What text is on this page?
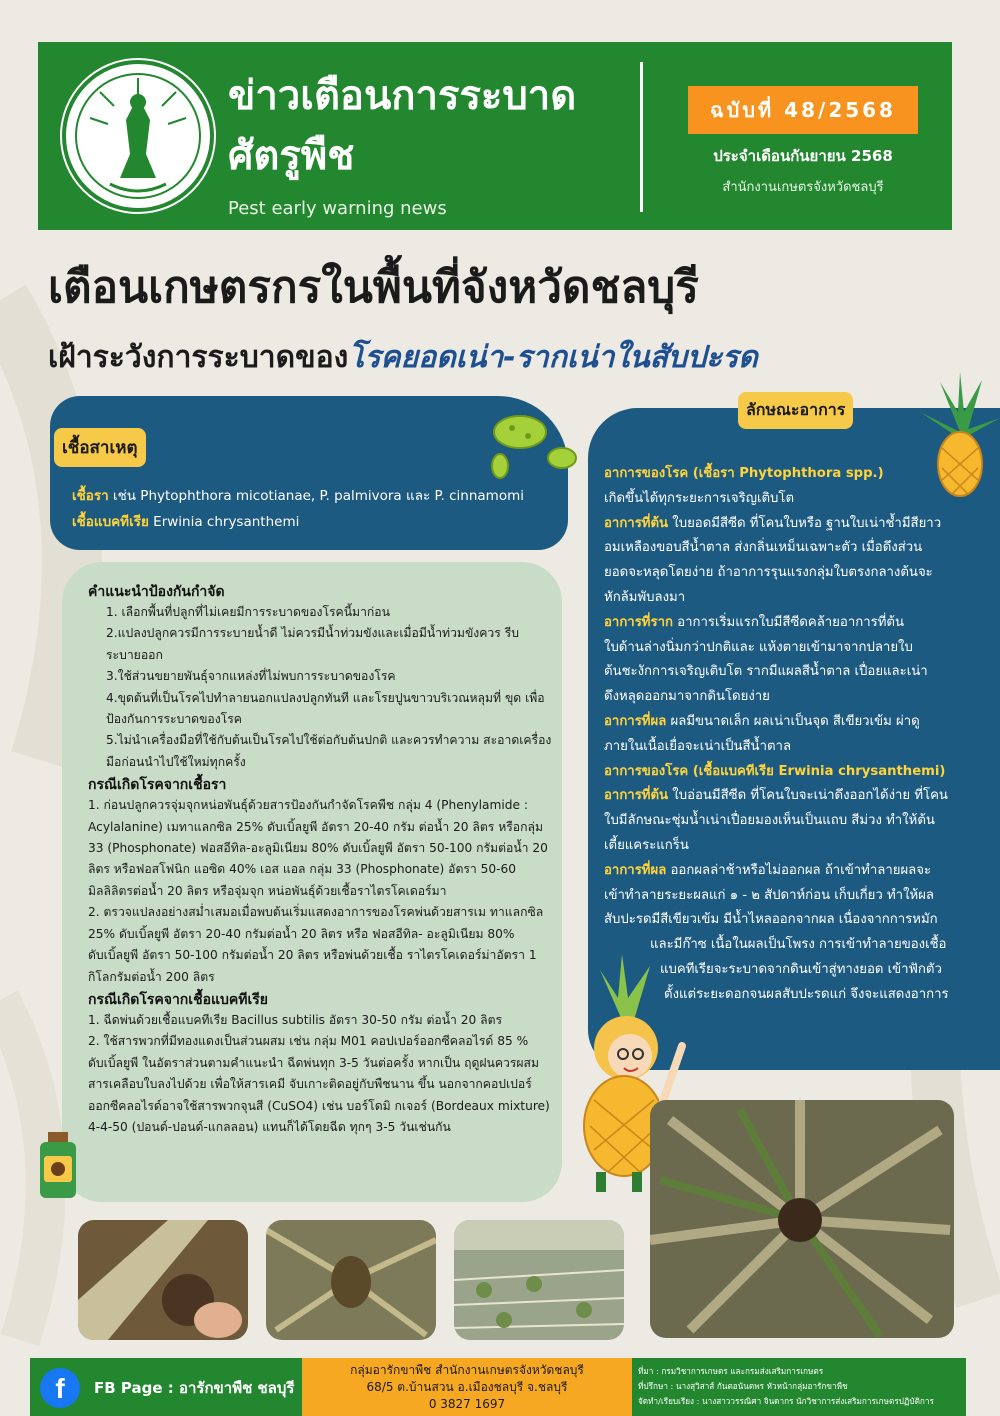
ข่าวเตือนการระบาด
ศัตรูพืช
Pest early warning news
ฉบับที่ 48/2568
ประจำเดือนกันยายน 2568
สำนักงานเกษตรจังหวัดชลบุรี
เตือนเกษตรกรในพื้นที่จังหวัดชลบุรี
เฝ้าระวังการระบาดของโรคยอดเน่า-รากเน่าในสับปะรด
เชื้อสาเหตุ
เชื้อรา เช่น Phytophthora micotianae, P. palmivora และ P. cinnamomi
เชื้อแบคทีเรีย Erwinia chrysanthemi
คำแนะนำป้องกันกำจัด

1. เลือกพื้นที่ปลูกที่ไม่เคยมีการระบาดของโรคนี้มาก่อน

2.แปลงปลูกควรมีการระบายน้ำดี ไม่ควรมีน้ำท่วมขังและเมื่อมีน้ำท่วมขังควร รีบระบายออก

3.ใช้ส่วนขยายพันธุ์จากแหล่งที่ไม่พบการระบาดของโรค

4.ขุดต้นที่เป็นโรคไปทำลายนอกแปลงปลูกทันที และโรยปูนขาวบริเวณหลุมที่ ขุด เพื่อป้องกันการระบาดของโรค

5.ไม่นำเครื่องมือที่ใช้กับต้นเป็นโรคไปใช้ต่อกับต้นปกติ และควรทำความ สะอาดเครื่องมือก่อนนำไปใช้ใหม่ทุกครั้ง

กรณีเกิดโรคจากเชื้อรา

1. ก่อนปลูกควรจุ่มจุกหน่อพันธุ์ด้วยสารป้องกันกำจัดโรคพืช กลุ่ม 4 (Phenylamide : Acylalanine) เมทาแลกซิล 25% ดับเบิ้ลยูพี อัตรา 20-40 กรัม ต่อน้ำ 20 ลิตร หรือกลุ่ม 33 (Phosphonate) ฟอสอีทิล-อะลูมิเนียม 80% ดับเบิ้ลยูพี อัตรา 50-100 กรัมต่อน้ำ 20 ลิตร หรือฟอสโฟนิก แอซิด 40% เอส แอล กลุ่ม 33 (Phosphonate) อัตรา 50-60 มิลลิลิตรต่อน้ำ 20 ลิตร หรือจุ่มจุก หน่อพันธุ์ด้วยเชื้อราไตรโคเดอร์มา

2. ตรวจแปลงอย่างสม่ำเสมอเมื่อพบต้นเริ่มแสดงอาการของโรคพ่นด้วยสารเม ทาแลกซิล 25% ดับเบิ้ลยูพี อัตรา 20-40 กรัมต่อน้ำ 20 ลิตร หรือ ฟอสอีทิล- อะลูมิเนียม 80% ดับเบิ้ลยูพี อัตรา 50-100 กรัมต่อน้ำ 20 ลิตร หรือพ่นด้วยเชื้อ ราไตรโคเดอร์ม่าอัตรา 1 กิโลกรัมต่อน้ำ 200 ลิตร

กรณีเกิดโรคจากเชื้อแบคทีเรีย

1. ฉีดพ่นด้วยเชื้อแบคทีเรีย Bacillus subtilis อัตรา 30-50 กรัม ต่อน้ำ 20 ลิตร

2. ใช้สารพวกที่มีทองแดงเป็นส่วนผสม เช่น กลุ่ม M01 คอปเปอร์ออกซีคลอไรด์ 85 % ดับเบิ้ลยูพี ในอัตราส่วนตามคำแนะนำ ฉีดพ่นทุก 3-5 วันต่อครั้ง หากเป็น ฤดูฝนควรผสมสารเคลือบใบลงไปด้วย เพื่อให้สารเคมี จับเกาะติดอยู่กับพืชนาน ขึ้น นอกจากคอปเปอร์ออกซีคลอไรด์อาจใช้สารพวกจุนสี (CuSO4) เช่น บอร์โดมิ กเจอร์ (Bordeaux mixture) 4-4-50 (ปอนด์-ปอนด์-แกลลอน) แทนก็ได้โดยฉีด ทุกๆ 3-5 วันเช่นกัน

ลักษณะอาการ

อาการของโรค (เชื้อรา Phytophthora spp.)

เกิดขึ้นได้ทุกระยะการเจริญเติบโต

อาการที่ต้น ใบยอดมีสีซีด ที่โคนใบหรือ ฐานใบเน่าช้ำมีสียาว

อมเหลืองขอบสีน้ำตาล ส่งกลิ่นเหม็นเฉพาะตัว เมื่อดึงส่วน

ยอดจะหลุดโดยง่าย ถ้าอาการรุนแรงกลุ่มใบตรงกลางต้นจะ

หักล้มพับลงมา

อาการที่ราก อาการเริ่มแรกใบมีสีซีดคล้ายอาการที่ต้น

ใบด้านล่างนิ่มกว่าปกติและ แห้งตายเข้ามาจากปลายใบ

ต้นชะงักการเจริญเติบโต รากมีแผลสีน้ำตาล เปื่อยและเน่า

ดึงหลุดออกมาจากดินโดยง่าย

อาการที่ผล ผลมีขนาดเล็ก ผลเน่าเป็นจุด สีเขียวเข้ม ผ่าดู

ภายในเนื้อเยื่อจะเน่าเป็นสีน้ำตาล

อาการของโรค (เชื้อแบคทีเรีย Erwinia chrysanthemi)

อาการที่ต้น ใบอ่อนมีสีซีด ที่โคนใบจะเน่าดึงออกได้ง่าย ที่โคน

ใบมีลักษณะชุ่มน้ำเน่าเปื่อยมองเห็นเป็นแถบ สีม่วง ทำให้ต้น

เตี้ยแคระแกร็น

อาการที่ผล ออกผลล่าช้าหรือไม่ออกผล ถ้าเข้าทำลายผลจะ

เข้าทำลายระยะผลแก่ ๑ - ๒ สัปดาห์ก่อน เก็บเกี่ยว ทำให้ผล

สับปะรดมีสีเขียวเข้ม มีน้ำไหลออกจากผล เนื่องจากการหมัก

และมีก๊าซ เนื้อในผลเป็นโพรง การเข้าทำลายของเชื้อ

แบคทีเรียจะระบาดจากดินเข้าสู่ทางยอด เข้าฟักตัว

ตั้งแต่ระยะดอกจนผลสับปะรดแก่ จึงจะแสดงอาการ

f	FB Page : อารักขาพืช ชลบุรี
กลุ่มอารักขาพืช สำนักงานเกษตรจังหวัดชลบุรี
68/5 ต.บ้านสวน อ.เมืองชลบุรี จ.ชลบุรี
0 3827 1697
ที่มา : กรมวิชาการเกษตร และกรมส่งเสริมการเกษตร
ที่ปรึกษา : นางสุวิสาส์ กันตอนันตพร หัวหน้ากลุ่มอารักขาพืช
จัดทำ/เรียบเรียง : นางสาววรรณิศา จินดากร นักวิชาการส่งเสริมการเกษตรปฏิบัติการ
